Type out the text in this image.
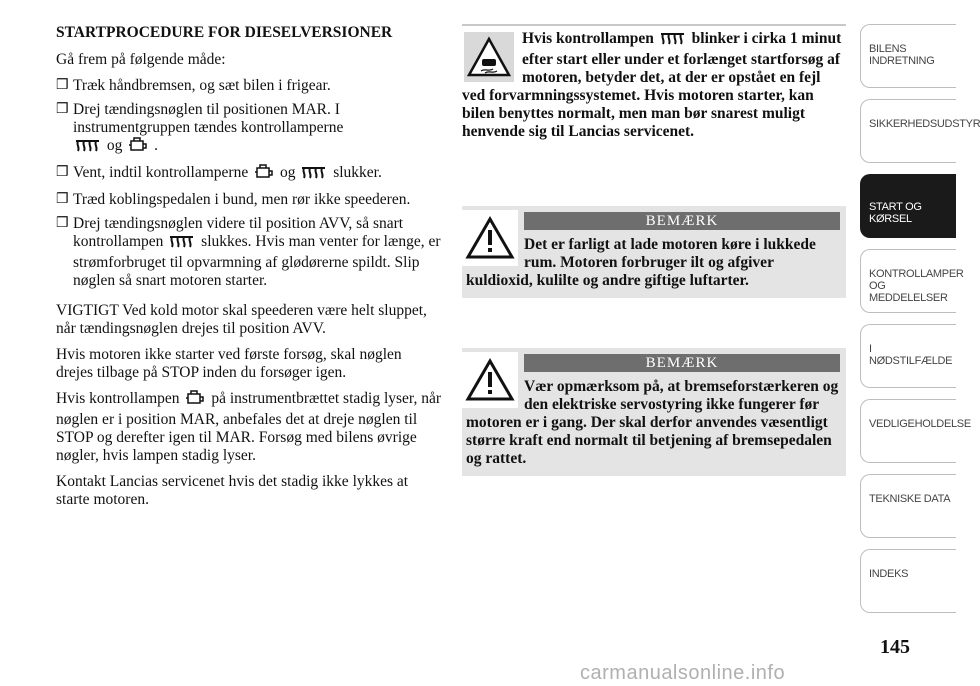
STARTPROCEDURE FOR DIESELVERSIONER

Gå frem på følgende måde:

❒ Træk håndbremsen, og sæt bilen i frigear.
❒ Drej tændingsnøglen til positionen MAR. I instrumentgruppen tændes kontrollamperne
og .
❒ Vent, indtil kontrollamperne og slukker.
❒ Træd koblingspedalen i bund, men rør ikke speederen.
❒ Drej tændingsnøglen videre til position AVV, så snart kontrollampen slukkes. Hvis man venter for længe, er strømforbruget til opvarmning af glødørerne spildt. Slip nøglen så snart motoren starter.

VIGTIGT Ved kold motor skal speederen være helt sluppet, når tændingsnøglen drejes til position AVV.

Hvis motoren ikke starter ved første forsøg, skal nøglen drejes tilbage på STOP inden du forsøger igen.

Hvis kontrollampen på instrumentbrættet stadig lyser, når nøglen er i position MAR, anbefales det at dreje nøglen til STOP og derefter igen til MAR. Forsøg med bilens øvrige nøgler, hvis lampen stadig lyser.

Kontakt Lancias servicenet hvis det stadig ikke lykkes at starte motoren.

Hvis kontrollampen blinker i cirka 1 minut efter start eller under et forlænget startforsøg af motoren, betyder det, at der er opstået en fejl ved forvarmningssystemet. Hvis motoren starter, kan bilen benyttes normalt, men man bør snarest muligt henvende sig til Lancias servicenet.
BEMÆRK
Det er farligt at lade motoren køre i lukkede rum. Motoren forbruger ilt og afgiver kuldioxid, kulilte og andre giftige luftarter.
BEMÆRK
Vær opmærksom på, at bremseforstærkeren og den elektriske servostyring ikke fungerer før motoren er i gang. Der skal derfor anvendes væsentligt større kraft end normalt til betjening af bremsepedalen og rattet.
BILENS INDRETNING
SIKKERHEDSUDSTYR
START OG KØRSEL
KONTROLLAMPER OG MEDDELELSER
I NØDSTILFÆLDE
VEDLIGEHOLDELSE
TEKNISKE DATA
INDEKS
145
carmanualsonline.info
